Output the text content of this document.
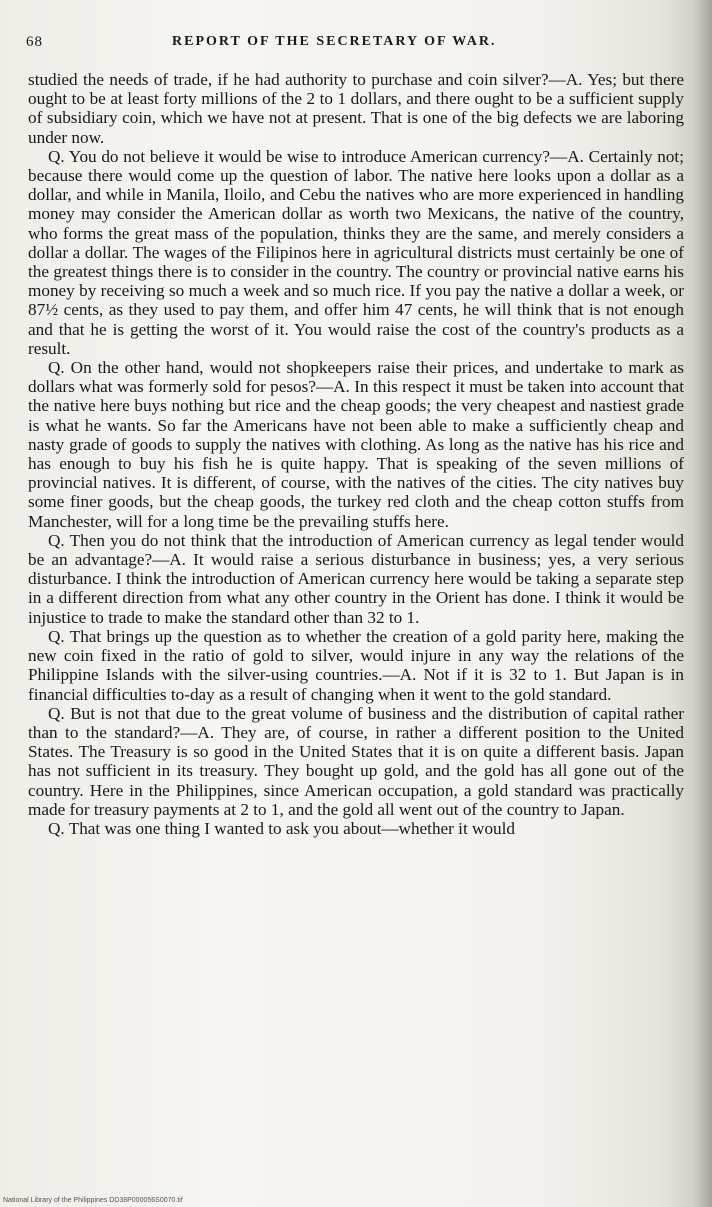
68	REPORT OF THE SECRETARY OF WAR.

studied the needs of trade, if he had authority to purchase and coin silver?—A. Yes; but there ought to be at least forty millions of the 2 to 1 dollars, and there ought to be a sufficient supply of subsidiary coin, which we have not at present. That is one of the big defects we are laboring under now.

Q. You do not believe it would be wise to introduce American currency?—A. Certainly not; because there would come up the question of labor. The native here looks upon a dollar as a dollar, and while in Manila, Iloilo, and Cebu the natives who are more experienced in handling money may consider the American dollar as worth two Mexicans, the native of the country, who forms the great mass of the population, thinks they are the same, and merely considers a dollar a dollar. The wages of the Filipinos here in agricultural districts must certainly be one of the greatest things there is to consider in the country. The country or provincial native earns his money by receiving so much a week and so much rice. If you pay the native a dollar a week, or 87½ cents, as they used to pay them, and offer him 47 cents, he will think that is not enough and that he is getting the worst of it. You would raise the cost of the country's products as a result.

Q. On the other hand, would not shopkeepers raise their prices, and undertake to mark as dollars what was formerly sold for pesos?—A. In this respect it must be taken into account that the native here buys nothing but rice and the cheap goods; the very cheapest and nastiest grade is what he wants. So far the Americans have not been able to make a sufficiently cheap and nasty grade of goods to supply the natives with clothing. As long as the native has his rice and has enough to buy his fish he is quite happy. That is speaking of the seven millions of provincial natives. It is different, of course, with the natives of the cities. The city natives buy some finer goods, but the cheap goods, the turkey red cloth and the cheap cotton stuffs from Manchester, will for a long time be the prevailing stuffs here.

Q. Then you do not think that the introduction of American currency as legal tender would be an advantage?—A. It would raise a serious disturbance in business; yes, a very serious disturbance. I think the introduction of American currency here would be taking a separate step in a different direction from what any other country in the Orient has done. I think it would be injustice to trade to make the standard other than 32 to 1.

Q. That brings up the question as to whether the creation of a gold parity here, making the new coin fixed in the ratio of gold to silver, would injure in any way the relations of the Philippine Islands with the silver-using countries.—A. Not if it is 32 to 1. But Japan is in financial difficulties to-day as a result of changing when it went to the gold standard.

Q. But is not that due to the great volume of business and the distribution of capital rather than to the standard?—A. They are, of course, in rather a different position to the United States. The Treasury is so good in the United States that it is on quite a different basis. Japan has not sufficient in its treasury. They bought up gold, and the gold has all gone out of the country. Here in the Philippines, since American occupation, a gold standard was practically made for treasury payments at 2 to 1, and the gold all went out of the country to Japan.

Q. That was one thing I wanted to ask you about—whether it would

National Library of the Philippines DD38P000056S0070.tif
